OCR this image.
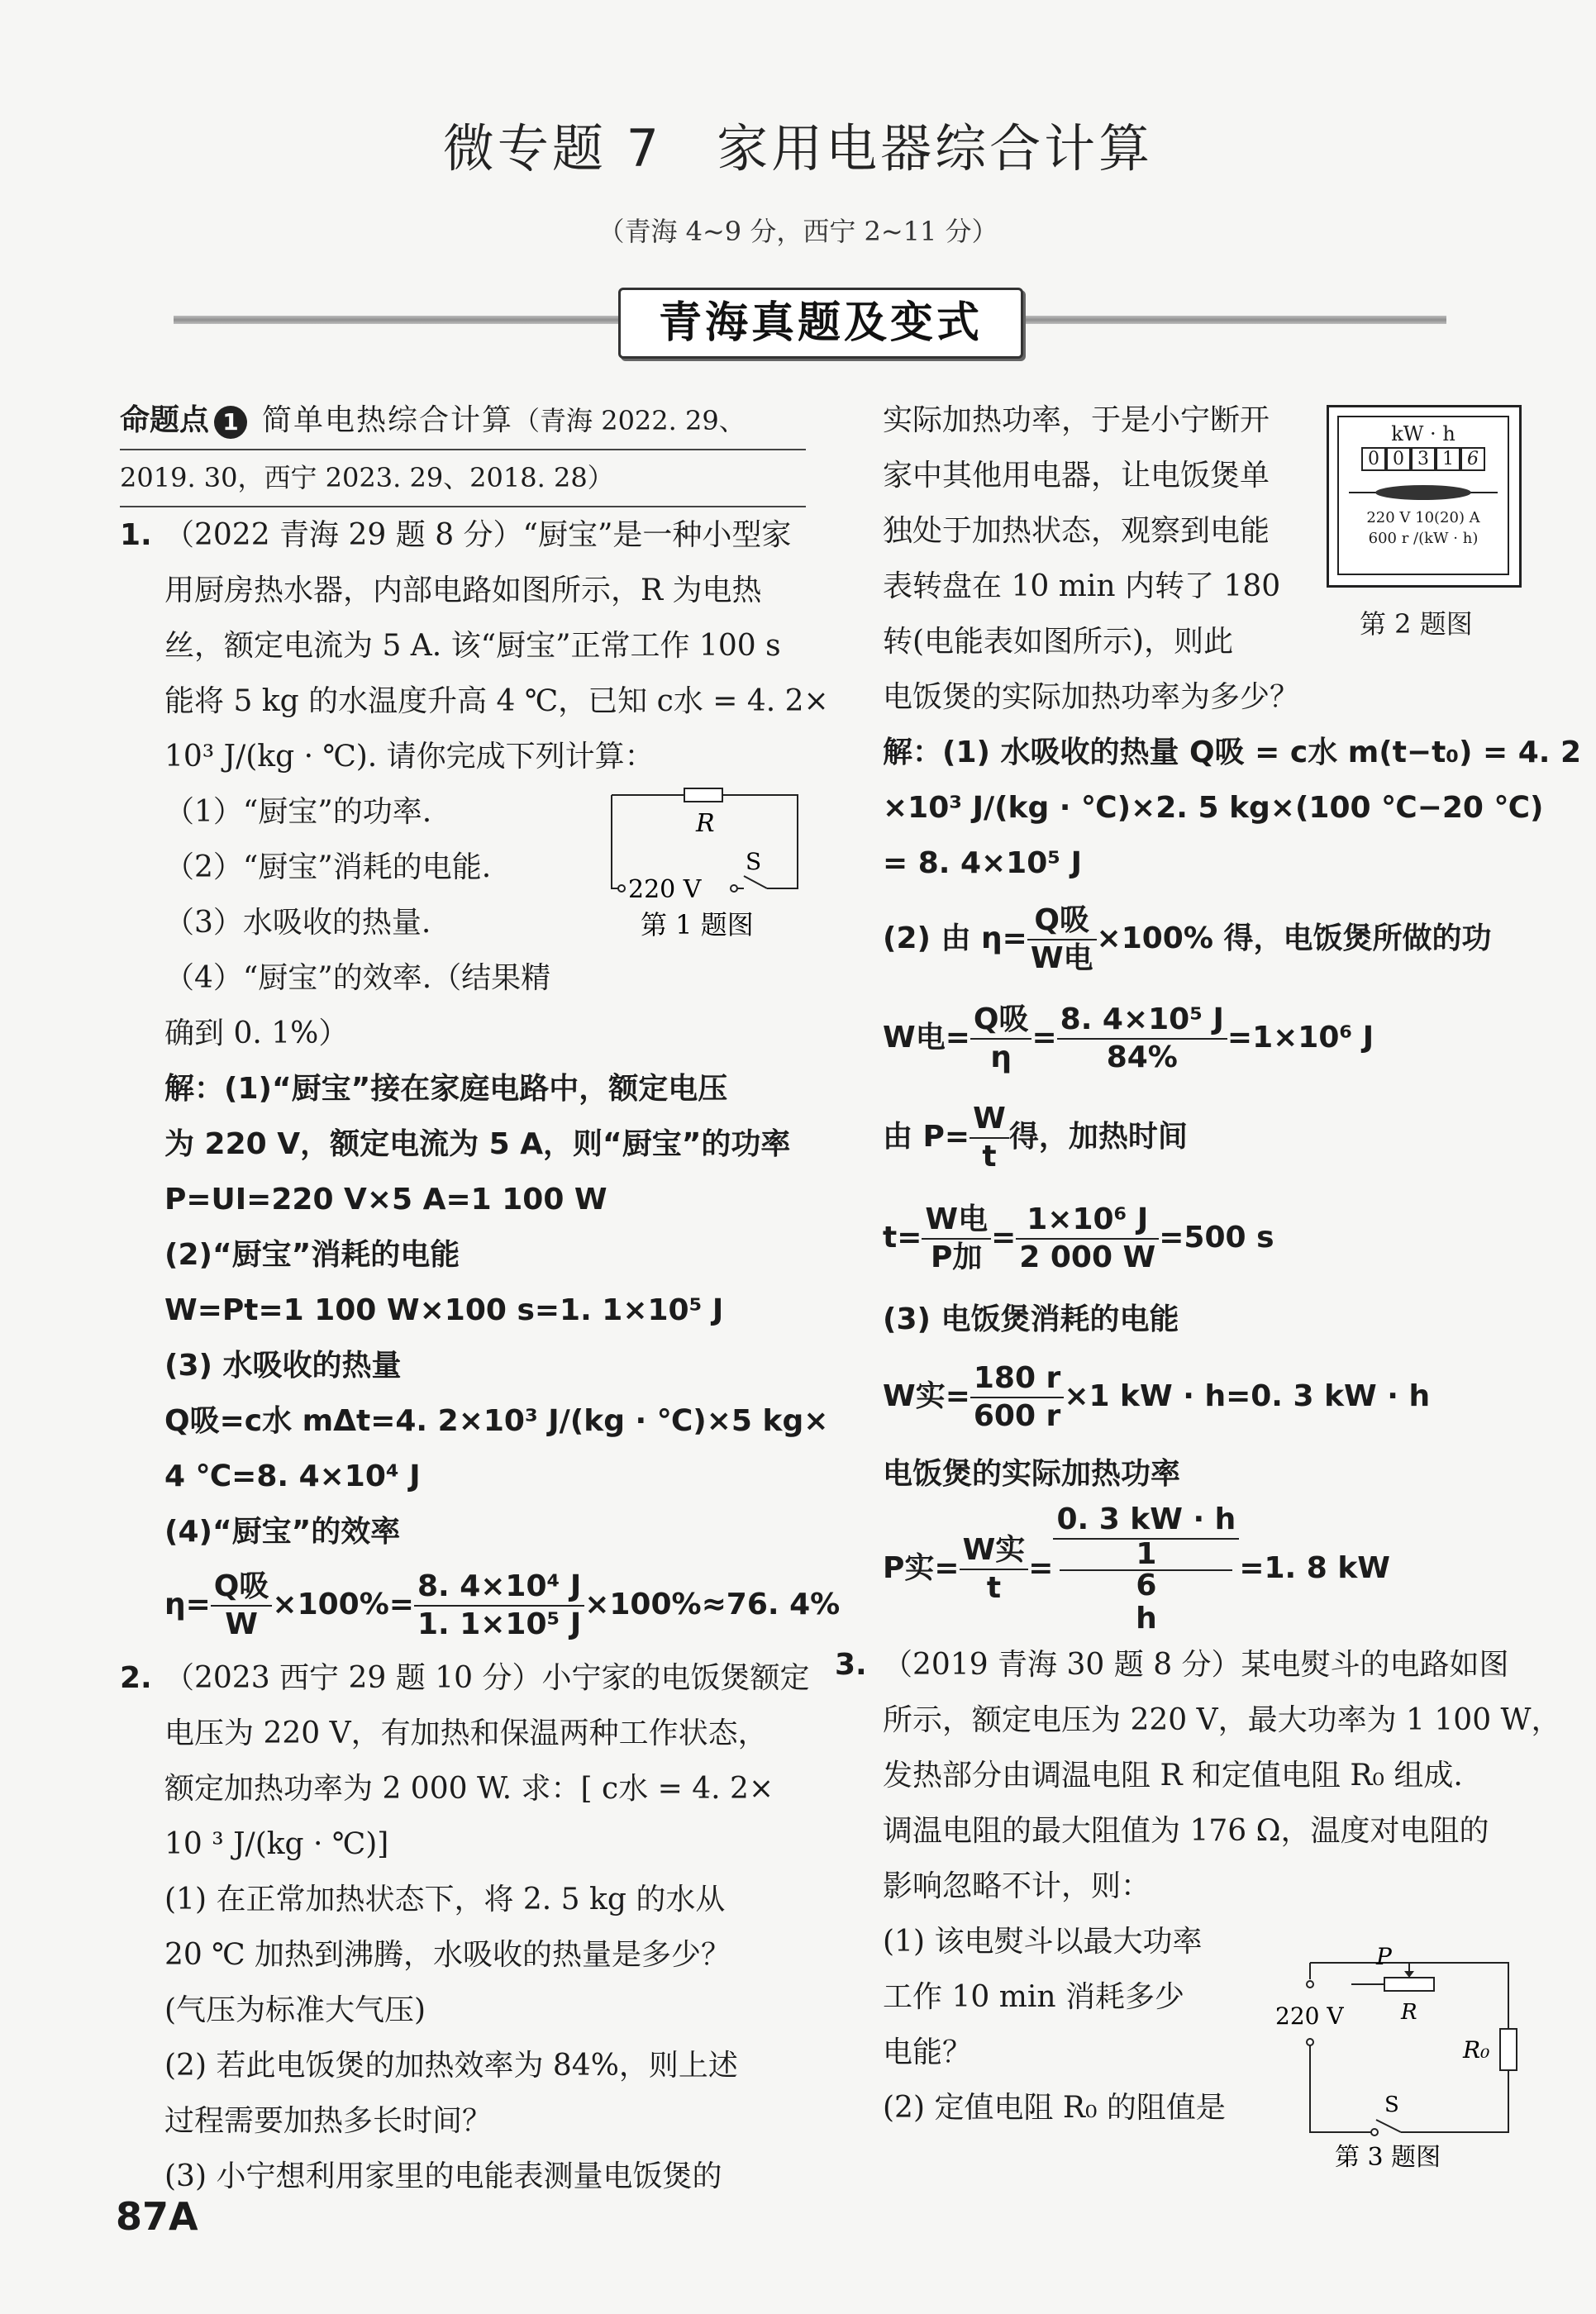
微专题 7　家用电器综合计算
（青海 4~9 分，西宁 2~11 分）
青海真题及变式

命题点 1 简单电热综合计算（青海 2022. 29、

2019. 30，西宁 2023. 29、2018. 28）

1. （2022 青海 29 题 8 分）“厨宝”是一种小型家

用厨房热水器，内部电路如图所示，R 为电热

丝，额定电流为 5 A. 该“厨宝”正常工作 100 s

能将 5 kg 的水温度升高 4 ℃，已知 c水 = 4. 2×

10³ J/(kg · ℃). 请你完成下列计算：

（1）“厨宝”的功率.

（2）“厨宝”消耗的电能.

（3）水吸收的热量.

（4）“厨宝”的效率.（结果精

确到 0. 1%）

解：(1)“厨宝”接在家庭电路中，额定电压

为 220 V，额定电流为 5 A，则“厨宝”的功率

P=UI=220 V×5 A=1 100 W

(2)“厨宝”消耗的电能

W=Pt=1 100 W×100 s=1. 1×10⁵ J

(3) 水吸收的热量

Q吸=c水 mΔt=4. 2×10³ J/(kg · ℃)×5 kg×

4 ℃=8. 4×10⁴ J

(4)“厨宝”的效率

$\eta= \frac{\text{Q吸}}{W} \times 100\%= \frac{\text{8. 4×10⁴ J}}{\text{1. 1×10⁵ J}} \times 100\%\approx 76$. 4%

2. （2023 西宁 29 题 10 分）小宁家的电饭煲额定

电压为 220 V，有加热和保温两种工作状态，

额定加热功率为 2 000 W. 求：[ c水 = 4. 2×

10 ³ J/(kg · ℃)]

(1) 在正常加热状态下，将 2. 5 kg 的水从

20 ℃ 加热到沸腾，水吸收的热量是多少？

(气压为标准大气压)

(2) 若此电饭煲的加热效率为 84%，则上述

过程需要加热多长时间？

(3) 小宁想利用家里的电能表测量电饭煲的

R
220 V
S
第 1 题图

实际加热功率，于是小宁断开

家中其他用电器，让电饭煲单

独处于加热状态，观察到电能

表转盘在 10 min 内转了 180

转(电能表如图所示)，则此

电饭煲的实际加热功率为多少？

解：(1) 水吸收的热量 Q吸 = c水 m(t−t₀) = 4. 2

×10³ J/(kg · ℃)×2. 5 kg×(100 ℃−20 ℃)

= 8. 4×10⁵ J

(2) 由 $\eta= \frac{\text{Q吸}}{\text{W电}} \times 100\%$ 得，电饭煲所做的功

W电= $\frac{\text{Q吸}}{\eta} = \frac{\text{8. 4×10⁵ J}}{84\%} =1\times 10^6$ J

由 $P= \frac{W}{t}$ 得，加热时间

$t= \frac{\text{W电}}{\text{P加}} = \frac{\text{1×10⁶ J}}{2 000 W} =500$ s

(3) 电饭煲消耗的电能

W实= $\frac{180 r}{600 r} \times 1$ kW · h=0. 3 kW · h

电饭煲的实际加热功率

P实= $\frac{\text{W实}}{t} = 0$. 3 kW · h
1
6
h =1. 8 kW

3. （2019 青海 30 题 8 分）某电熨斗的电路如图

所示，额定电压为 220 V，最大功率为 1 100 W，

发热部分由调温电阻 R 和定值电阻 R₀ 组成.

调温电阻的最大阻值为 176 Ω，温度对电阻的

影响忽略不计，则：

(1) 该电熨斗以最大功率

工作 10 min 消耗多少

电能？

(2) 定值电阻 R₀ 的阻值是

kW · h
0 0 3 1 6
220 V 10(20) A
600 r /(kW · h)
第 2 题图
P
R
220 V
R₀
S
第 3 题图
87A
